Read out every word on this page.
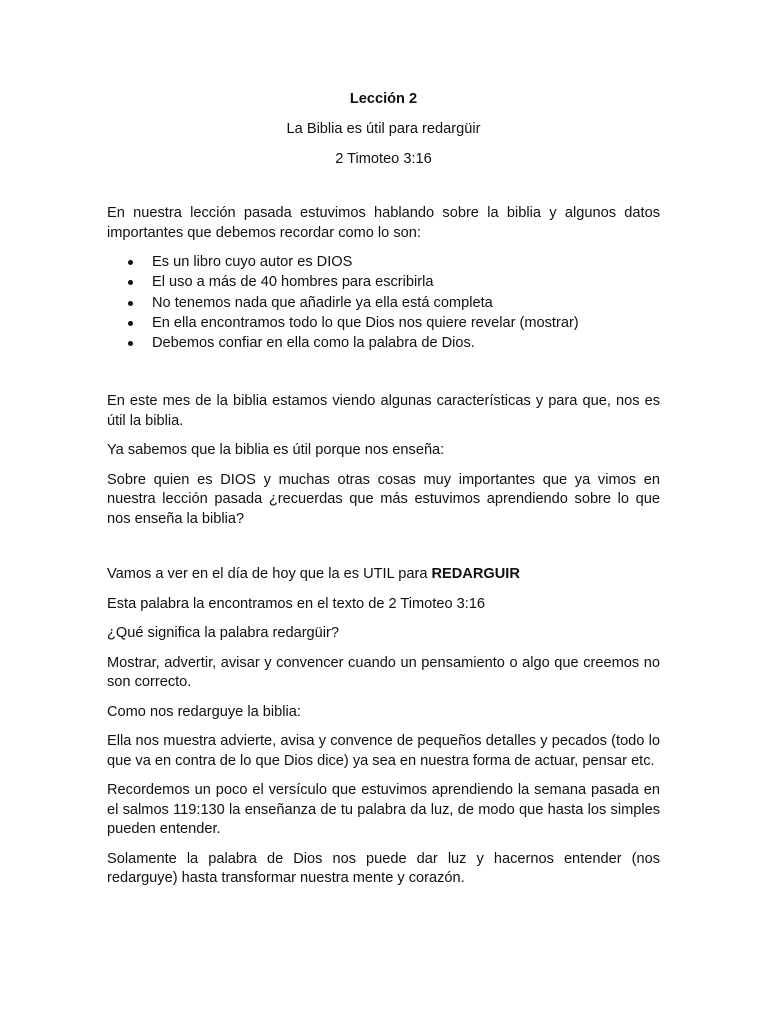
Lección 2
La Biblia es útil para redargüir
2 Timoteo 3:16

En nuestra lección pasada estuvimos hablando sobre la biblia y algunos datos importantes que debemos recordar como lo son:

Es un libro cuyo autor es DIOS
El uso a más de 40 hombres para escribirla
No tenemos nada que añadirle ya ella está completa
En ella encontramos todo lo que Dios nos quiere revelar (mostrar)
Debemos confiar en ella como la palabra de Dios.

En este mes de la biblia estamos viendo algunas características y para que, nos es útil la biblia.

Ya sabemos que la biblia es útil porque nos enseña:

Sobre quien es DIOS y muchas otras cosas muy importantes que ya vimos en nuestra lección pasada ¿recuerdas que más estuvimos aprendiendo sobre lo que nos enseña la biblia?

Vamos a ver en el día de hoy que la es UTIL para REDARGUIR

Esta palabra la encontramos en el texto de 2 Timoteo 3:16

¿Qué significa la palabra redargüir?

Mostrar, advertir, avisar y convencer cuando un pensamiento o algo que creemos no son correcto.

Como nos redarguye la biblia:

Ella nos muestra advierte, avisa y convence de pequeños detalles y pecados (todo lo que va en contra de lo que Dios dice) ya sea en nuestra forma de actuar, pensar etc.

Recordemos un poco el versículo que estuvimos aprendiendo la semana pasada en el salmos 119:130 la enseñanza de tu palabra da luz, de modo que hasta los simples pueden entender.

Solamente la palabra de Dios nos puede dar luz y hacernos entender (nos redarguye) hasta transformar nuestra mente y corazón.
